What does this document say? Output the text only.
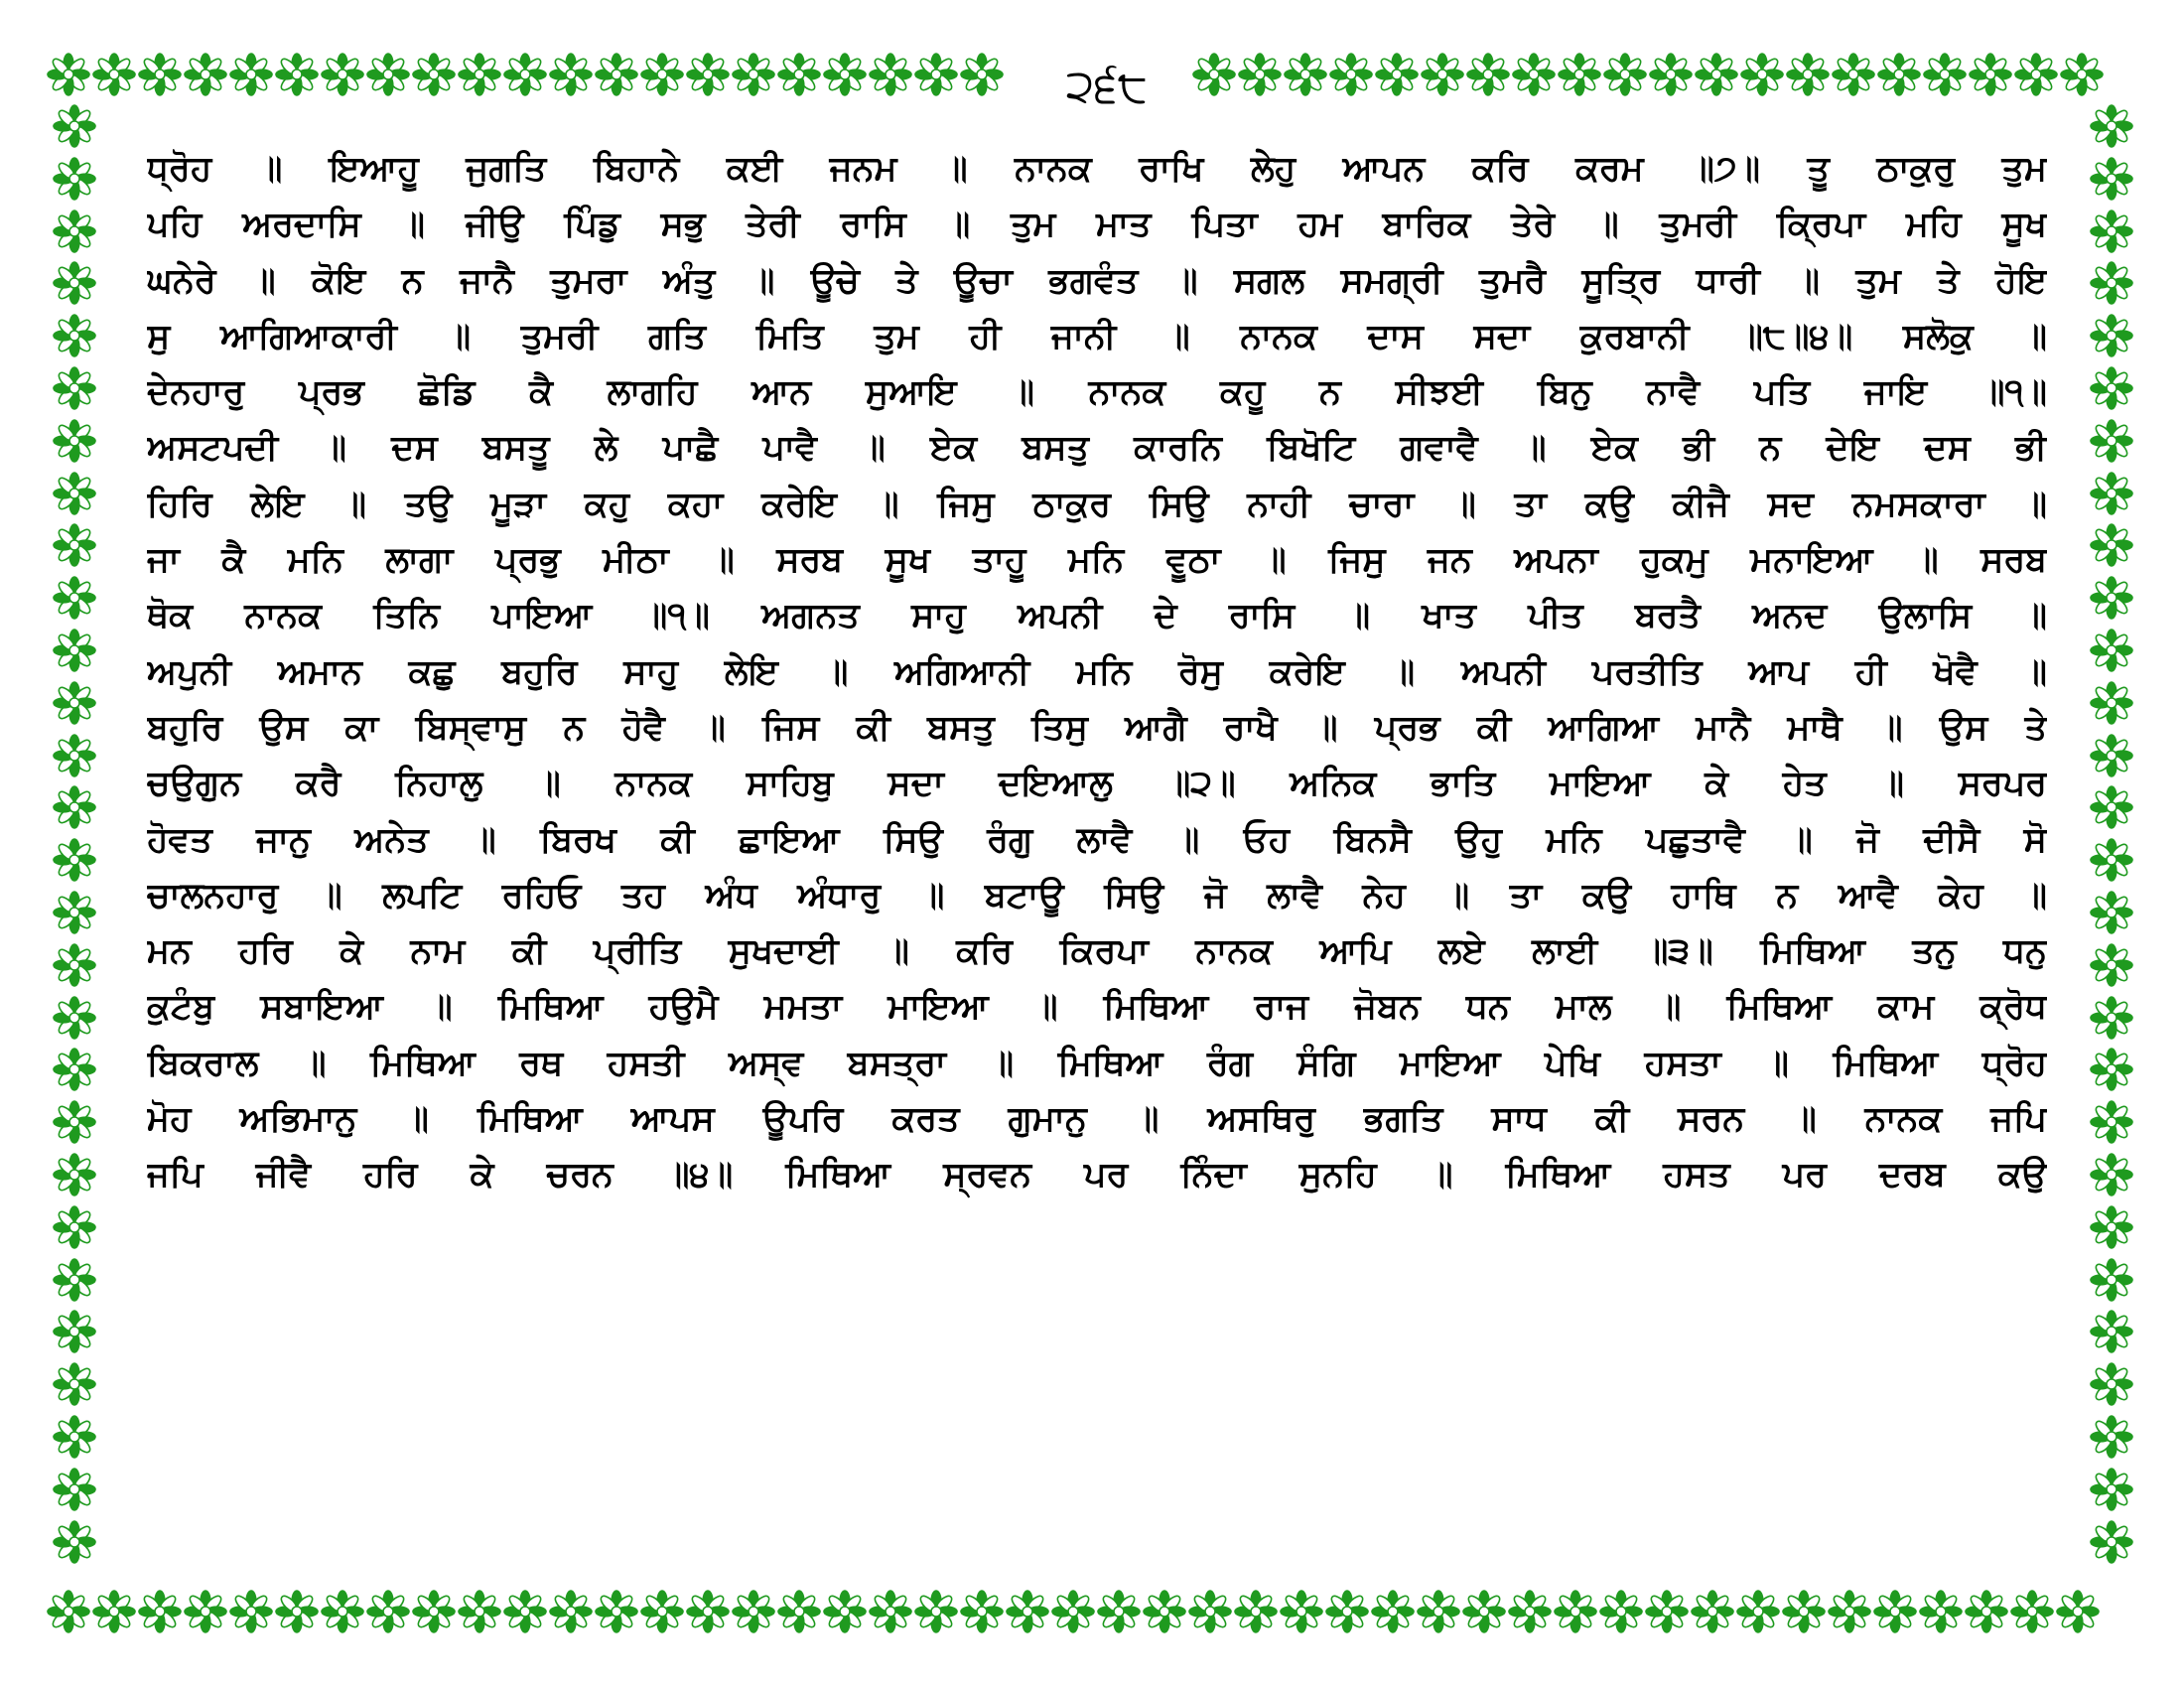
੨੬੮
ਧ੍ਰੋਹ ॥ ਇਆਹੂ ਜੁਗਤਿ ਬਿਹਾਨੇ ਕਈ ਜਨਮ ॥ ਨਾਨਕ ਰਾਖਿ ਲੇਹੁ ਆਪਨ ਕਰਿ ਕਰਮ ॥੭॥ ਤੂ ਠਾਕੁਰੁ ਤੁਮ
ਪਹਿ ਅਰਦਾਸਿ ॥ ਜੀਉ ਪਿੰਡੁ ਸਭੁ ਤੇਰੀ ਰਾਸਿ ॥ ਤੁਮ ਮਾਤ ਪਿਤਾ ਹਮ ਬਾਰਿਕ ਤੇਰੇ ॥ ਤੁਮਰੀ ਕ੍ਰਿਪਾ ਮਹਿ ਸੂਖ
ਘਨੇਰੇ ॥ ਕੋਇ ਨ ਜਾਨੈ ਤੁਮਰਾ ਅੰਤੁ ॥ ਊਚੇ ਤੇ ਊਚਾ ਭਗਵੰਤ ॥ ਸਗਲ ਸਮਗ੍ਰੀ ਤੁਮਰੈ ਸੂਤ੍ਰਿ ਧਾਰੀ ॥ ਤੁਮ ਤੇ ਹੋਇ
ਸੁ ਆਗਿਆਕਾਰੀ ॥ ਤੁਮਰੀ ਗਤਿ ਮਿਤਿ ਤੁਮ ਹੀ ਜਾਨੀ ॥ ਨਾਨਕ ਦਾਸ ਸਦਾ ਕੁਰਬਾਨੀ ॥੮॥੪॥ ਸਲੋਕੁ ॥
ਦੇਨਹਾਰੁ ਪ੍ਰਭ ਛੋਡਿ ਕੈ ਲਾਗਹਿ ਆਨ ਸੁਆਇ ॥ ਨਾਨਕ ਕਹੂ ਨ ਸੀਝਈ ਬਿਨੁ ਨਾਵੈ ਪਤਿ ਜਾਇ ॥੧॥
ਅਸਟਪਦੀ ॥ ਦਸ ਬਸਤੂ ਲੇ ਪਾਛੈ ਪਾਵੈ ॥ ਏਕ ਬਸਤੁ ਕਾਰਨਿ ਬਿਖੋਟਿ ਗਵਾਵੈ ॥ ਏਕ ਭੀ ਨ ਦੇਇ ਦਸ ਭੀ
ਹਿਰਿ ਲੇਇ ॥ ਤਉ ਮੂੜਾ ਕਹੁ ਕਹਾ ਕਰੇਇ ॥ ਜਿਸੁ ਠਾਕੁਰ ਸਿਉ ਨਾਹੀ ਚਾਰਾ ॥ ਤਾ ਕਉ ਕੀਜੈ ਸਦ ਨਮਸਕਾਰਾ ॥
ਜਾ ਕੈ ਮਨਿ ਲਾਗਾ ਪ੍ਰਭੁ ਮੀਠਾ ॥ ਸਰਬ ਸੂਖ ਤਾਹੂ ਮਨਿ ਵੂਠਾ ॥ ਜਿਸੁ ਜਨ ਅਪਨਾ ਹੁਕਮੁ ਮਨਾਇਆ ॥ ਸਰਬ
ਥੋਕ ਨਾਨਕ ਤਿਨਿ ਪਾਇਆ ॥੧॥ ਅਗਨਤ ਸਾਹੁ ਅਪਨੀ ਦੇ ਰਾਸਿ ॥ ਖਾਤ ਪੀਤ ਬਰਤੈ ਅਨਦ ਉਲਾਸਿ ॥
ਅਪੁਨੀ ਅਮਾਨ ਕਛੁ ਬਹੁਰਿ ਸਾਹੁ ਲੇਇ ॥ ਅਗਿਆਨੀ ਮਨਿ ਰੋਸੁ ਕਰੇਇ ॥ ਅਪਨੀ ਪਰਤੀਤਿ ਆਪ ਹੀ ਖੋਵੈ ॥
ਬਹੁਰਿ ਉਸ ਕਾ ਬਿਸ੍ਵਾਸੁ ਨ ਹੋਵੈ ॥ ਜਿਸ ਕੀ ਬਸਤੁ ਤਿਸੁ ਆਗੈ ਰਾਖੈ ॥ ਪ੍ਰਭ ਕੀ ਆਗਿਆ ਮਾਨੈ ਮਾਥੈ ॥ ਉਸ ਤੇ
ਚਉਗੁਨ ਕਰੈ ਨਿਹਾਲੁ ॥ ਨਾਨਕ ਸਾਹਿਬੁ ਸਦਾ ਦਇਆਲੁ ॥੨॥ ਅਨਿਕ ਭਾਤਿ ਮਾਇਆ ਕੇ ਹੇਤ ॥ ਸਰਪਰ
ਹੋਵਤ ਜਾਨੁ ਅਨੇਤ ॥ ਬਿਰਖ ਕੀ ਛਾਇਆ ਸਿਉ ਰੰਗੁ ਲਾਵੈ ॥ ਓਹ ਬਿਨਸੈ ਉਹੁ ਮਨਿ ਪਛੁਤਾਵੈ ॥ ਜੋ ਦੀਸੈ ਸੋ
ਚਾਲਨਹਾਰੁ ॥ ਲਪਟਿ ਰਹਿਓ ਤਹ ਅੰਧ ਅੰਧਾਰੁ ॥ ਬਟਾਊ ਸਿਉ ਜੋ ਲਾਵੈ ਨੇਹ ॥ ਤਾ ਕਉ ਹਾਥਿ ਨ ਆਵੈ ਕੇਹ ॥
ਮਨ ਹਰਿ ਕੇ ਨਾਮ ਕੀ ਪ੍ਰੀਤਿ ਸੁਖਦਾਈ ॥ ਕਰਿ ਕਿਰਪਾ ਨਾਨਕ ਆਪਿ ਲਏ ਲਾਈ ॥੩॥ ਮਿਥਿਆ ਤਨੁ ਧਨੁ
ਕੁਟੰਬੁ ਸਬਾਇਆ ॥ ਮਿਥਿਆ ਹਉਮੈ ਮਮਤਾ ਮਾਇਆ ॥ ਮਿਥਿਆ ਰਾਜ ਜੋਬਨ ਧਨ ਮਾਲ ॥ ਮਿਥਿਆ ਕਾਮ ਕ੍ਰੋਧ
ਬਿਕਰਾਲ ॥ ਮਿਥਿਆ ਰਥ ਹਸਤੀ ਅਸ੍ਵ ਬਸਤ੍ਰਾ ॥ ਮਿਥਿਆ ਰੰਗ ਸੰਗਿ ਮਾਇਆ ਪੇਖਿ ਹਸਤਾ ॥ ਮਿਥਿਆ ਧ੍ਰੋਹ
ਮੋਹ ਅਭਿਮਾਨੁ ॥ ਮਿਥਿਆ ਆਪਸ ਊਪਰਿ ਕਰਤ ਗੁਮਾਨੁ ॥ ਅਸਥਿਰੁ ਭਗਤਿ ਸਾਧ ਕੀ ਸਰਨ ॥ ਨਾਨਕ ਜਪਿ
ਜਪਿ ਜੀਵੈ ਹਰਿ ਕੇ ਚਰਨ ॥੪॥ ਮਿਥਿਆ ਸ੍ਰਵਨ ਪਰ ਨਿੰਦਾ ਸੁਨਹਿ ॥ ਮਿਥਿਆ ਹਸਤ ਪਰ ਦਰਬ ਕਉ
